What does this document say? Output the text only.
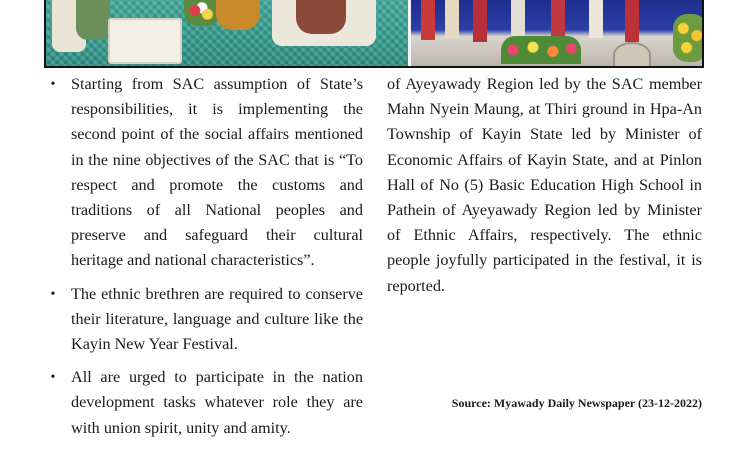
• Starting from SAC assumption of State’s responsibilities, it is implementing the second point of the social affairs mentioned in the nine objectives of the SAC that is “To respect and promote the customs and traditions of all National peoples and preserve and safeguard their cultural heritage and national characteristics”.
• The ethnic brethren are required to conserve their literature, language and culture like the Kayin New Year Festival.
• All are urged to participate in the nation development tasks whatever role they are with union spirit, unity and amity.

of Ayeyawady Region led by the SAC member Mahn Nyein Maung, at Thiri ground in Hpa-An Township of Kayin State led by Minister of Economic Affairs of Kayin State, and at Pinlon Hall of No (5) Basic Education High School in Pathein of Ayeyawady Region led by Minister of Ethnic Affairs, respectively. The ethnic people joyfully participated in the festival, it is reported.

Source: Myawady Daily Newspaper (23-12-2022)
